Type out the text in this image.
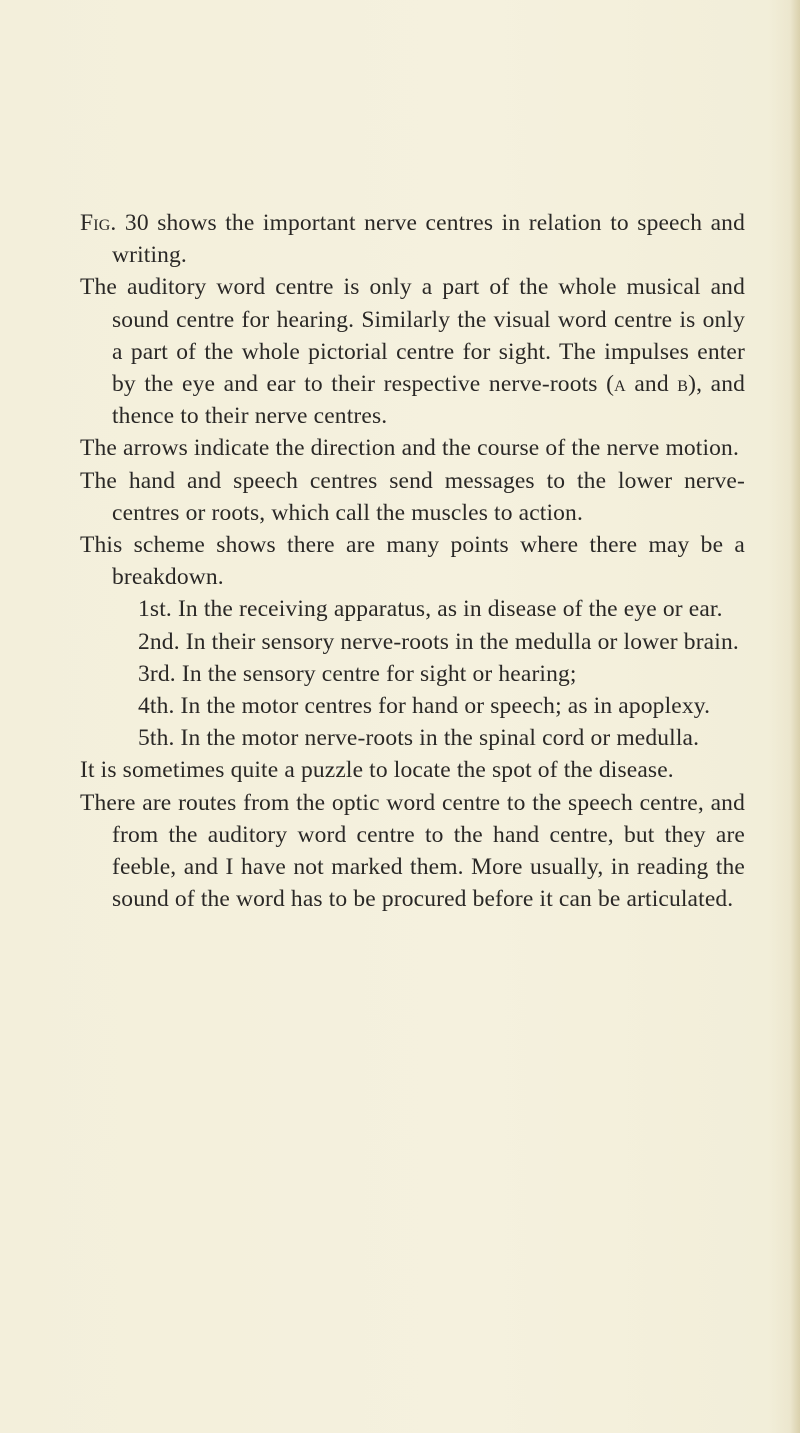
Fig. 30 shows the important nerve centres in relation to speech and writing.

The auditory word centre is only a part of the whole musical and sound centre for hearing. Similarly the visual word centre is only a part of the whole pictorial centre for sight. The impulses enter by the eye and ear to their respective nerve-roots (a and b), and thence to their nerve centres.

The arrows indicate the direction and the course of the nerve motion.

The hand and speech centres send messages to the lower nerve-centres or roots, which call the muscles to action.

This scheme shows there are many points where there may be a breakdown.

1st. In the receiving apparatus, as in disease of the eye or ear.

2nd. In their sensory nerve-roots in the medulla or lower brain.

3rd. In the sensory centre for sight or hearing;

4th. In the motor centres for hand or speech; as in apoplexy.

5th. In the motor nerve-roots in the spinal cord or medulla.

It is sometimes quite a puzzle to locate the spot of the disease.

There are routes from the optic word centre to the speech centre, and from the auditory word centre to the hand centre, but they are feeble, and I have not marked them. More usually, in reading the sound of the word has to be procured before it can be articulated.
